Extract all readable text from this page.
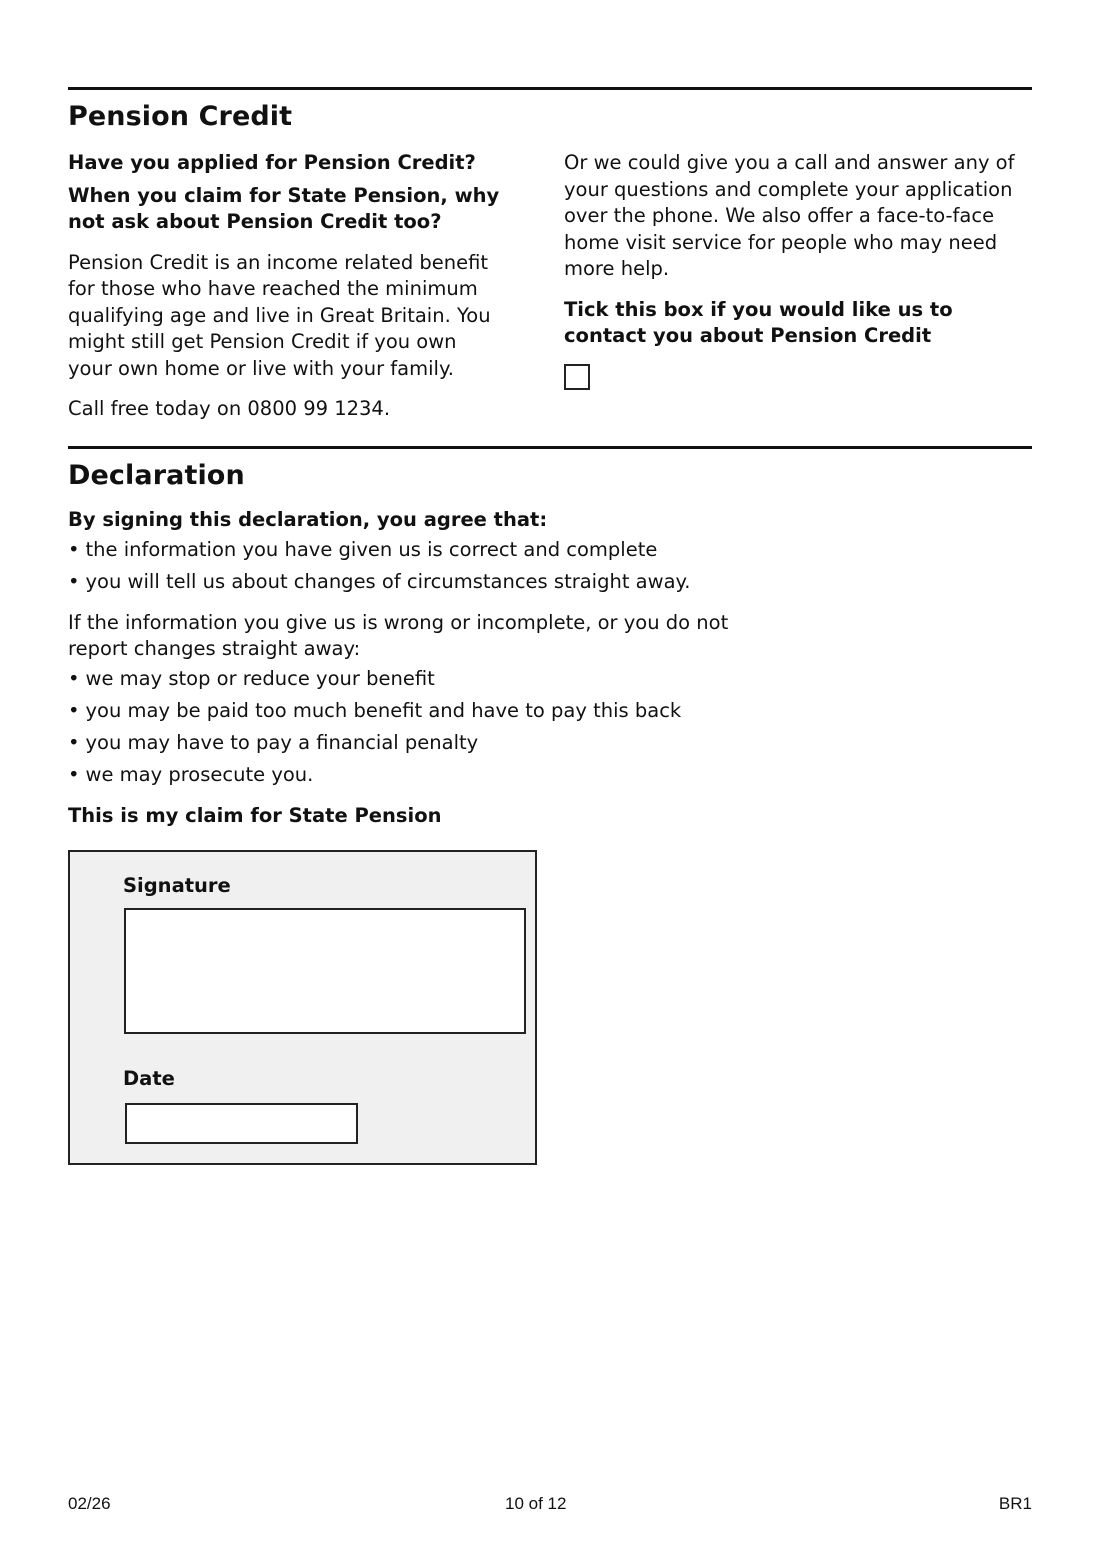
Pension Credit
Have you applied for Pension Credit?
When you claim for State Pension, why not ask about Pension Credit too?
Pension Credit is an income related benefit for those who have reached the minimum qualifying age and live in Great Britain. You might still get Pension Credit if you own your own home or live with your family.
Call free today on 0800 99 1234.
Or we could give you a call and answer any of your questions and complete your application over the phone. We also offer a face-to-face home visit service for people who may need more help.
Tick this box if you would like us to contact you about Pension Credit
Declaration

By signing this declaration, you agree that:

• the information you have given us is correct and complete
• you will tell us about changes of circumstances straight away.

If the information you give us is wrong or incomplete, or you do not report changes straight away:

• we may stop or reduce your benefit
• you may be paid too much benefit and have to pay this back
• you may have to pay a financial penalty
• we may prosecute you.

This is my claim for State Pension

Signature
Date
02/26	10 of 12	BR1
